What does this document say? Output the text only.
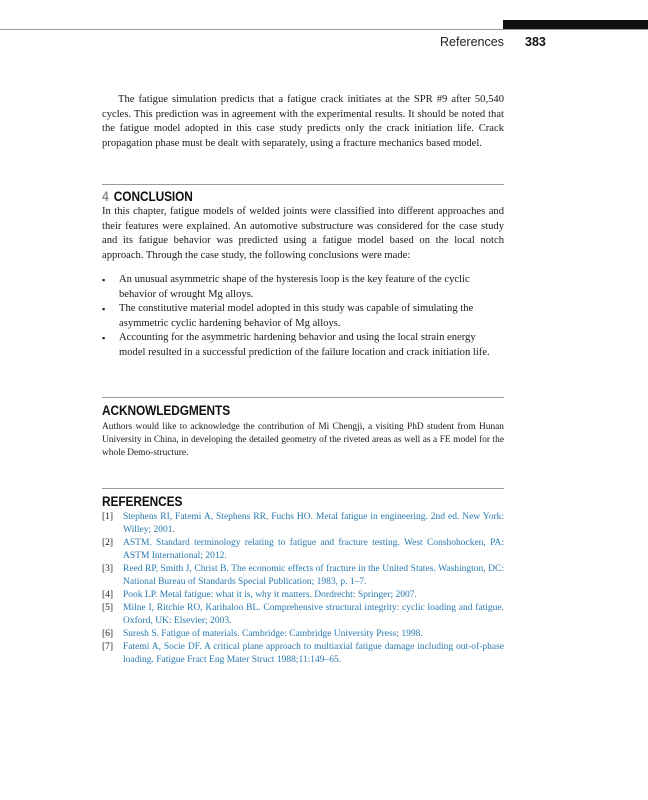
References 383

The fatigue simulation predicts that a fatigue crack initiates at the SPR #9 after 50,540 cycles. This prediction was in agreement with the experimental results. It should be noted that the fatigue model adopted in this case study predicts only the crack initiation life. Crack propagation phase must be dealt with separately, using a fracture mechanics based model.

4 CONCLUSION

In this chapter, fatigue models of welded joints were classified into different approaches and their features were explained. An automotive substructure was considered for the case study and its fatigue behavior was predicted using a fatigue model based on the local notch approach. Through the case study, the following conclusions were made:

▪ An unusual asymmetric shape of the hysteresis loop is the key feature of the cyclic behavior of wrought Mg alloys.
▪ The constitutive material model adopted in this study was capable of simulating the asymmetric cyclic hardening behavior of Mg alloys.
▪ Accounting for the asymmetric hardening behavior and using the local strain energy model resulted in a successful prediction of the failure location and crack initiation life.
ACKNOWLEDGMENTS

Authors would like to acknowledge the contribution of Mi Chengji, a visiting PhD student from Hunan University in China, in developing the detailed geometry of the riveted areas as well as a FE model for the whole Demo-structure.

REFERENCES
[1] Stephens RI, Fatemi A, Stephens RR, Fuchs HO. Metal fatigue in engineering. 2nd ed. New York: Willey; 2001.
[2] ASTM. Standard terminology relating to fatigue and fracture testing. West Conshohocken, PA: ASTM International; 2012.
[3] Reed RP, Smith J, Christ B. The economic effects of fracture in the United States. Washington, DC: National Bureau of Standards Special Publication; 1983, p. 1–7.
[4] Pook LP. Metal fatigue: what it is, why it matters. Dordrecht: Springer; 2007.
[5] Milne I, Ritchie RO, Karihaloo BL. Comprehensive structural integrity: cyclic loading and fatigue. Oxford, UK: Elsevier; 2003.
[6] Suresh S. Fatigue of materials. Cambridge: Cambridge University Press; 1998.
[7] Fatemi A, Socie DF. A critical plane approach to multiaxial fatigue damage including out-of-phase loading. Fatigue Fract Eng Mater Struct 1988;11:149–65.
